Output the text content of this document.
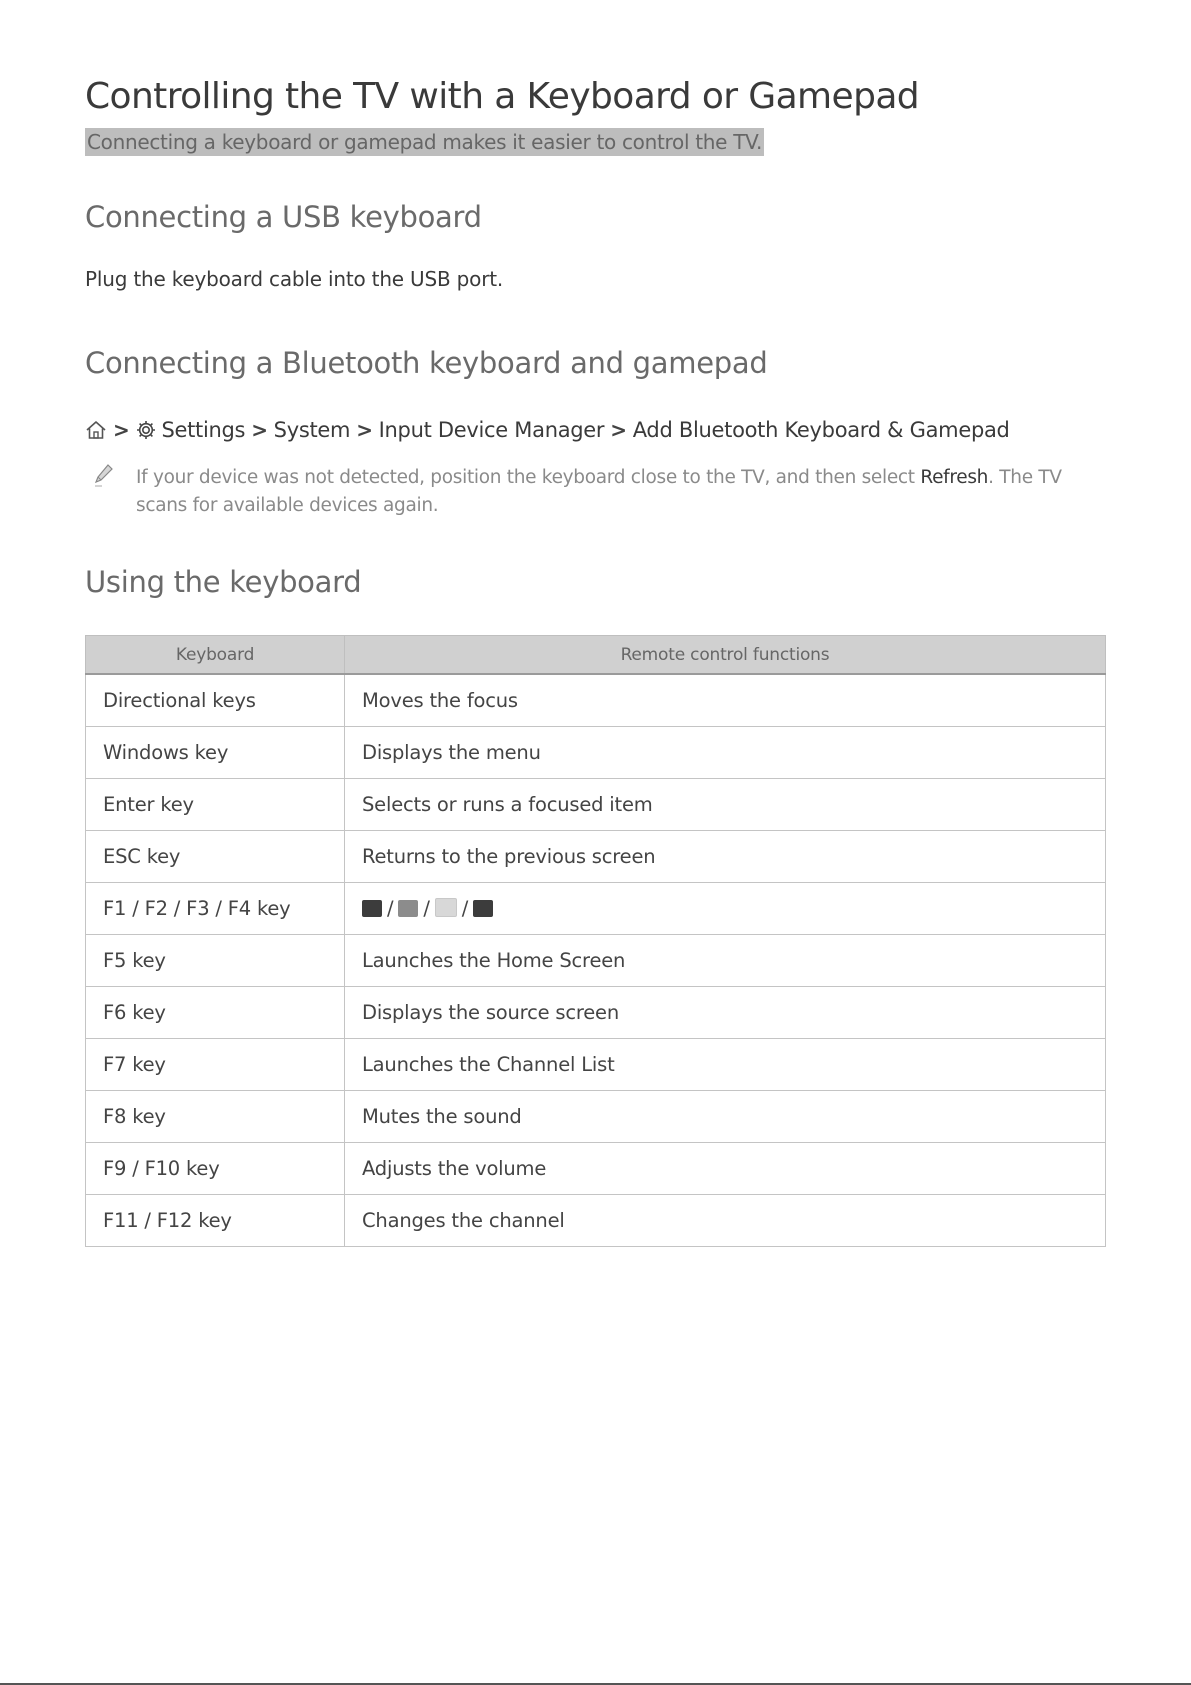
Controlling the TV with a Keyboard or Gamepad
Connecting a keyboard or gamepad makes it easier to control the TV.
Connecting a USB keyboard
Plug the keyboard cable into the USB port.
Connecting a Bluetooth keyboard and gamepad
> Settings > System > Input Device Manager > Add Bluetooth Keyboard & Gamepad
If your device was not detected, position the keyboard close to the TV, and then select Refresh. The TV scans for available devices again.
Using the keyboard
Keyboard	Remote control functions
Directional keys	Moves the focus
Windows key	Displays the menu
Enter key	Selects or runs a focused item
ESC key	Returns to the previous screen
F1 / F2 / F3 / F4 key	/ / /
F5 key	Launches the Home Screen
F6 key	Displays the source screen
F7 key	Launches the Channel List
F8 key	Mutes the sound
F9 / F10 key	Adjusts the volume
F11 / F12 key	Changes the channel
